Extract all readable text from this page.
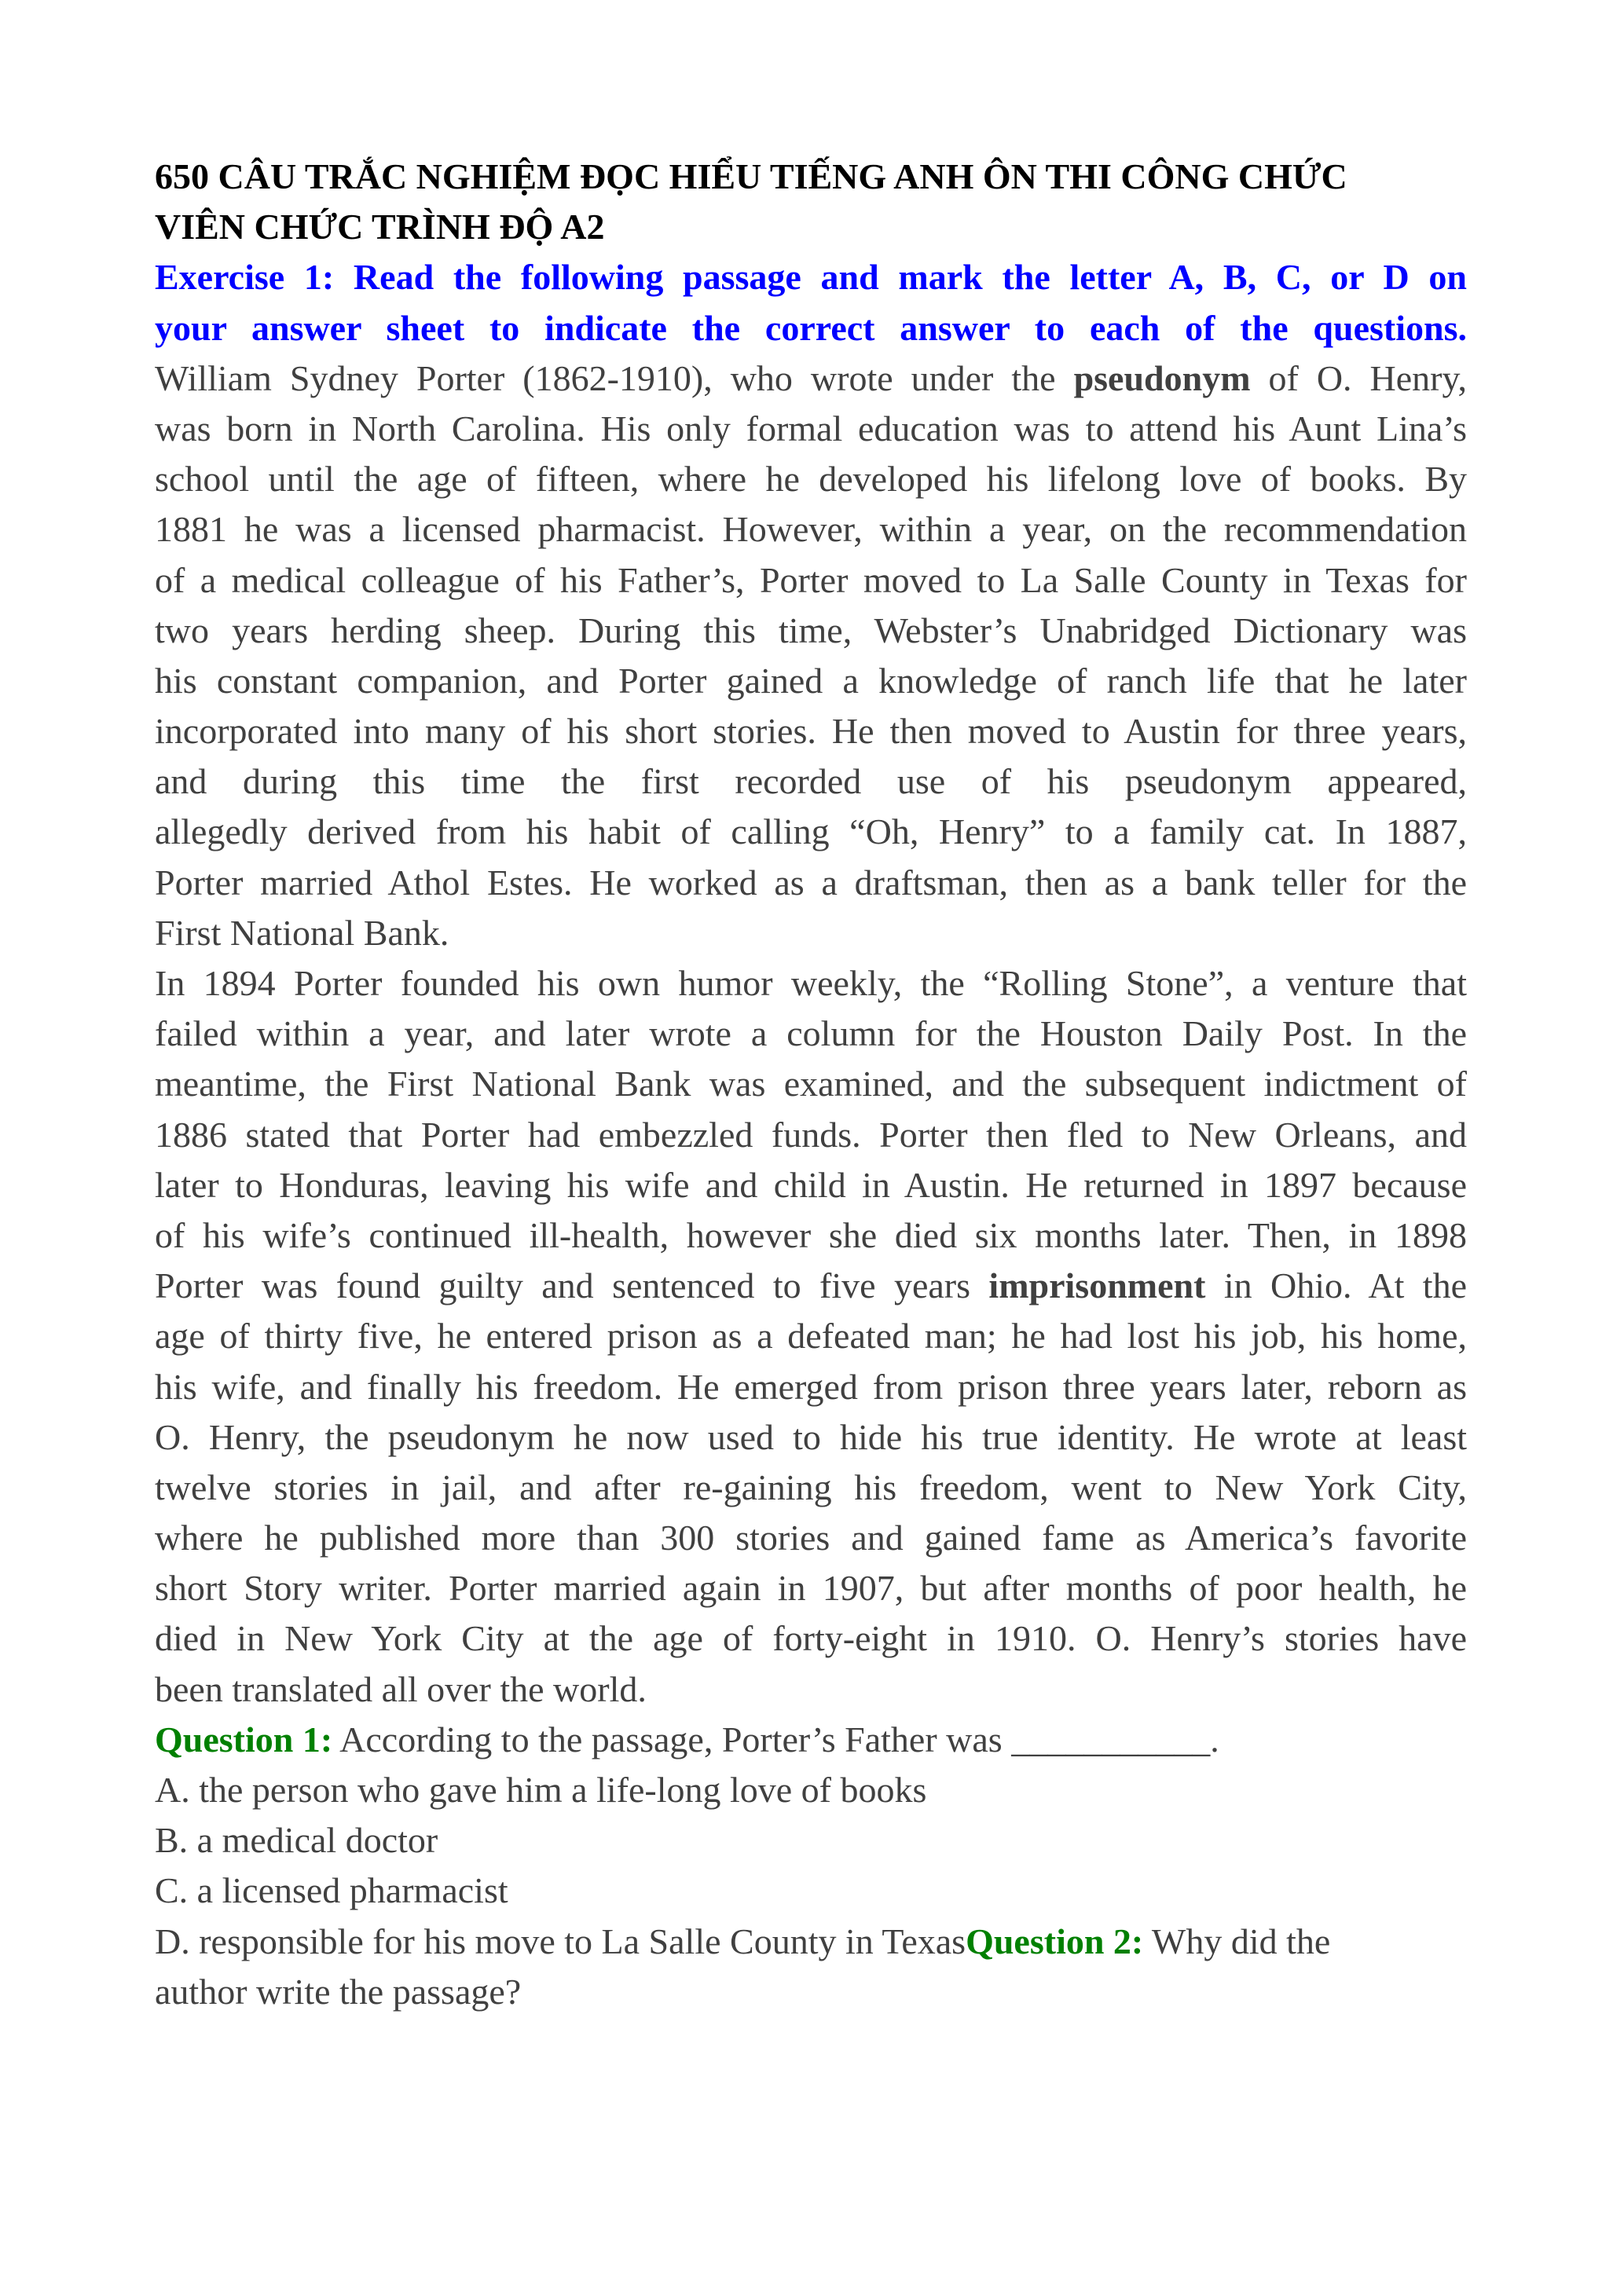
650 CÂU TRẮC NGHIỆM ĐỌC HIỂU TIẾNG ANH ÔN THI CÔNG CHỨC
VIÊN CHỨC TRÌNH ĐỘ A2
Exercise 1: Read the following passage and mark the letter A, B, C, or D on
your answer sheet to indicate the correct answer to each of the questions.
William Sydney Porter (1862-1910), who wrote under the pseudonym of O. Henry,
was born in North Carolina. His only formal education was to attend his Aunt Lina’s
school until the age of fifteen, where he developed his lifelong love of books. By
1881 he was a licensed pharmacist. However, within a year, on the recommendation
of a medical colleague of his Father’s, Porter moved to La Salle County in Texas for
two years herding sheep. During this time, Webster’s Unabridged Dictionary was
his constant companion, and Porter gained a knowledge of ranch life that he later
incorporated into many of his short stories. He then moved to Austin for three years,
and during this time the first recorded use of his pseudonym appeared,
allegedly derived from his habit of calling “Oh, Henry” to a family cat. In 1887,
Porter married Athol Estes. He worked as a draftsman, then as a bank teller for the
First National Bank.
In 1894 Porter founded his own humor weekly, the “Rolling Stone”, a venture that
failed within a year, and later wrote a column for the Houston Daily Post. In the
meantime, the First National Bank was examined, and the subsequent indictment of
1886 stated that Porter had embezzled funds. Porter then fled to New Orleans, and
later to Honduras, leaving his wife and child in Austin. He returned in 1897 because
of his wife’s continued ill-health, however she died six months later. Then, in 1898
Porter was found guilty and sentenced to five years imprisonment in Ohio. At the
age of thirty five, he entered prison as a defeated man; he had lost his job, his home,
his wife, and finally his freedom. He emerged from prison three years later, reborn as
O. Henry, the pseudonym he now used to hide his true identity. He wrote at least
twelve stories in jail, and after re-gaining his freedom, went to New York City,
where he published more than 300 stories and gained fame as America’s favorite
short Story writer. Porter married again in 1907, but after months of poor health, he
died in New York City at the age of forty-eight in 1910. O. Henry’s stories have
been translated all over the world.
Question 1: According to the passage, Porter’s Father was ___________.
A. the person who gave him a life-long love of books
B. a medical doctor
C. a licensed pharmacist
D. responsible for his move to La Salle County in TexasQuestion 2: Why did the
author write the passage?
